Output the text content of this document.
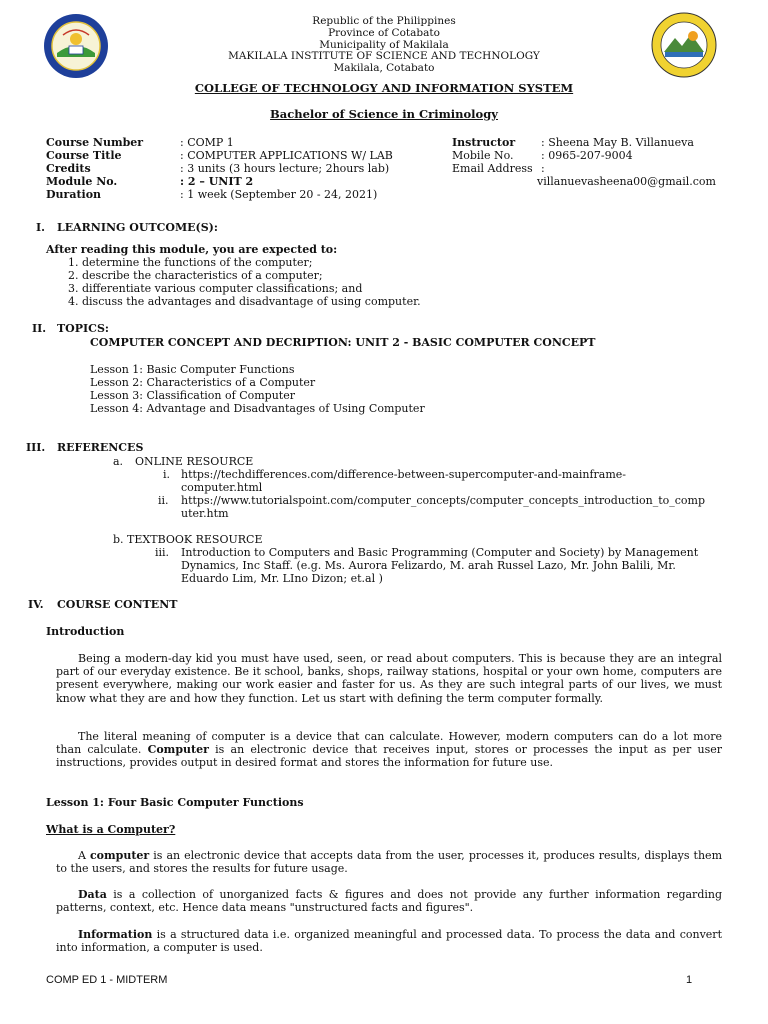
Republic of the Philippines
Province of Cotabato
Municipality of Makilala
MAKILALA INSTITUTE OF SCIENCE AND TECHNOLOGY
Makilala, Cotabato
COLLEGE OF TECHNOLOGY AND INFORMATION SYSTEM
Bachelor of Science in Criminology
Course Number	: COMP 1
Course Title	: COMPUTER APPLICATIONS W/ LAB
Credits	: 3 units (3 hours lecture; 2hours lab)
Module No.	: 2 – UNIT 2
Duration	: 1 week (September 20 - 24, 2021)
Instructor : Sheena May B. Villanueva
Mobile No. : 0965-207-9004
Email Address :
villanuevasheena00@gmail.com
I. LEARNING OUTCOME(S):
After reading this module, you are expected to:
1. determine the functions of the computer;
2. describe the characteristics of a computer;
3. differentiate various computer classifications; and
4. discuss the advantages and disadvantage of using computer.
II. TOPICS:
COMPUTER CONCEPT AND DECRIPTION: UNIT 2 - BASIC COMPUTER CONCEPT
Lesson 1: Basic Computer Functions
Lesson 2: Characteristics of a Computer
Lesson 3: Classification of Computer
Lesson 4: Advantage and Disadvantages of Using Computer
III. REFERENCES
a. ONLINE RESOURCE
i. https://techdifferences.com/difference-between-supercomputer-and-mainframe-
computer.html
ii. https://www.tutorialspoint.com/computer_concepts/computer_concepts_introduction_to_comp
uter.htm
b. TEXTBOOK RESOURCE
iii. Introduction to Computers and Basic Programming (Computer and Society) by Management
Dynamics, Inc Staff. (e.g. Ms. Aurora Felizardo, M. arah Russel Lazo, Mr. John Balili, Mr.
Eduardo Lim, Mr. LIno Dizon; et.al )
IV. COURSE CONTENT
Introduction
Being a modern-day kid you must have used, seen, or read about computers. This is because they are an integral part of our everyday existence. Be it school, banks, shops, railway stations, hospital or your own home, computers are present everywhere, making our work easier and faster for us. As they are such integral parts of our lives, we must know what they are and how they function. Let us start with defining the term computer formally.
The literal meaning of computer is a device that can calculate. However, modern computers can do a lot more than calculate. Computer is an electronic device that receives input, stores or processes the input as per user instructions, provides output in desired format and stores the information for future use.
Lesson 1: Four Basic Computer Functions
What is a Computer?
A computer is an electronic device that accepts data from the user, processes it, produces results, displays them to the users, and stores the results for future usage.
Data is a collection of unorganized facts & figures and does not provide any further information regarding patterns, context, etc. Hence data means "unstructured facts and figures".
Information is a structured data i.e. organized meaningful and processed data. To process the data and convert into information, a computer is used.
COMP ED 1 - MIDTERM	1
